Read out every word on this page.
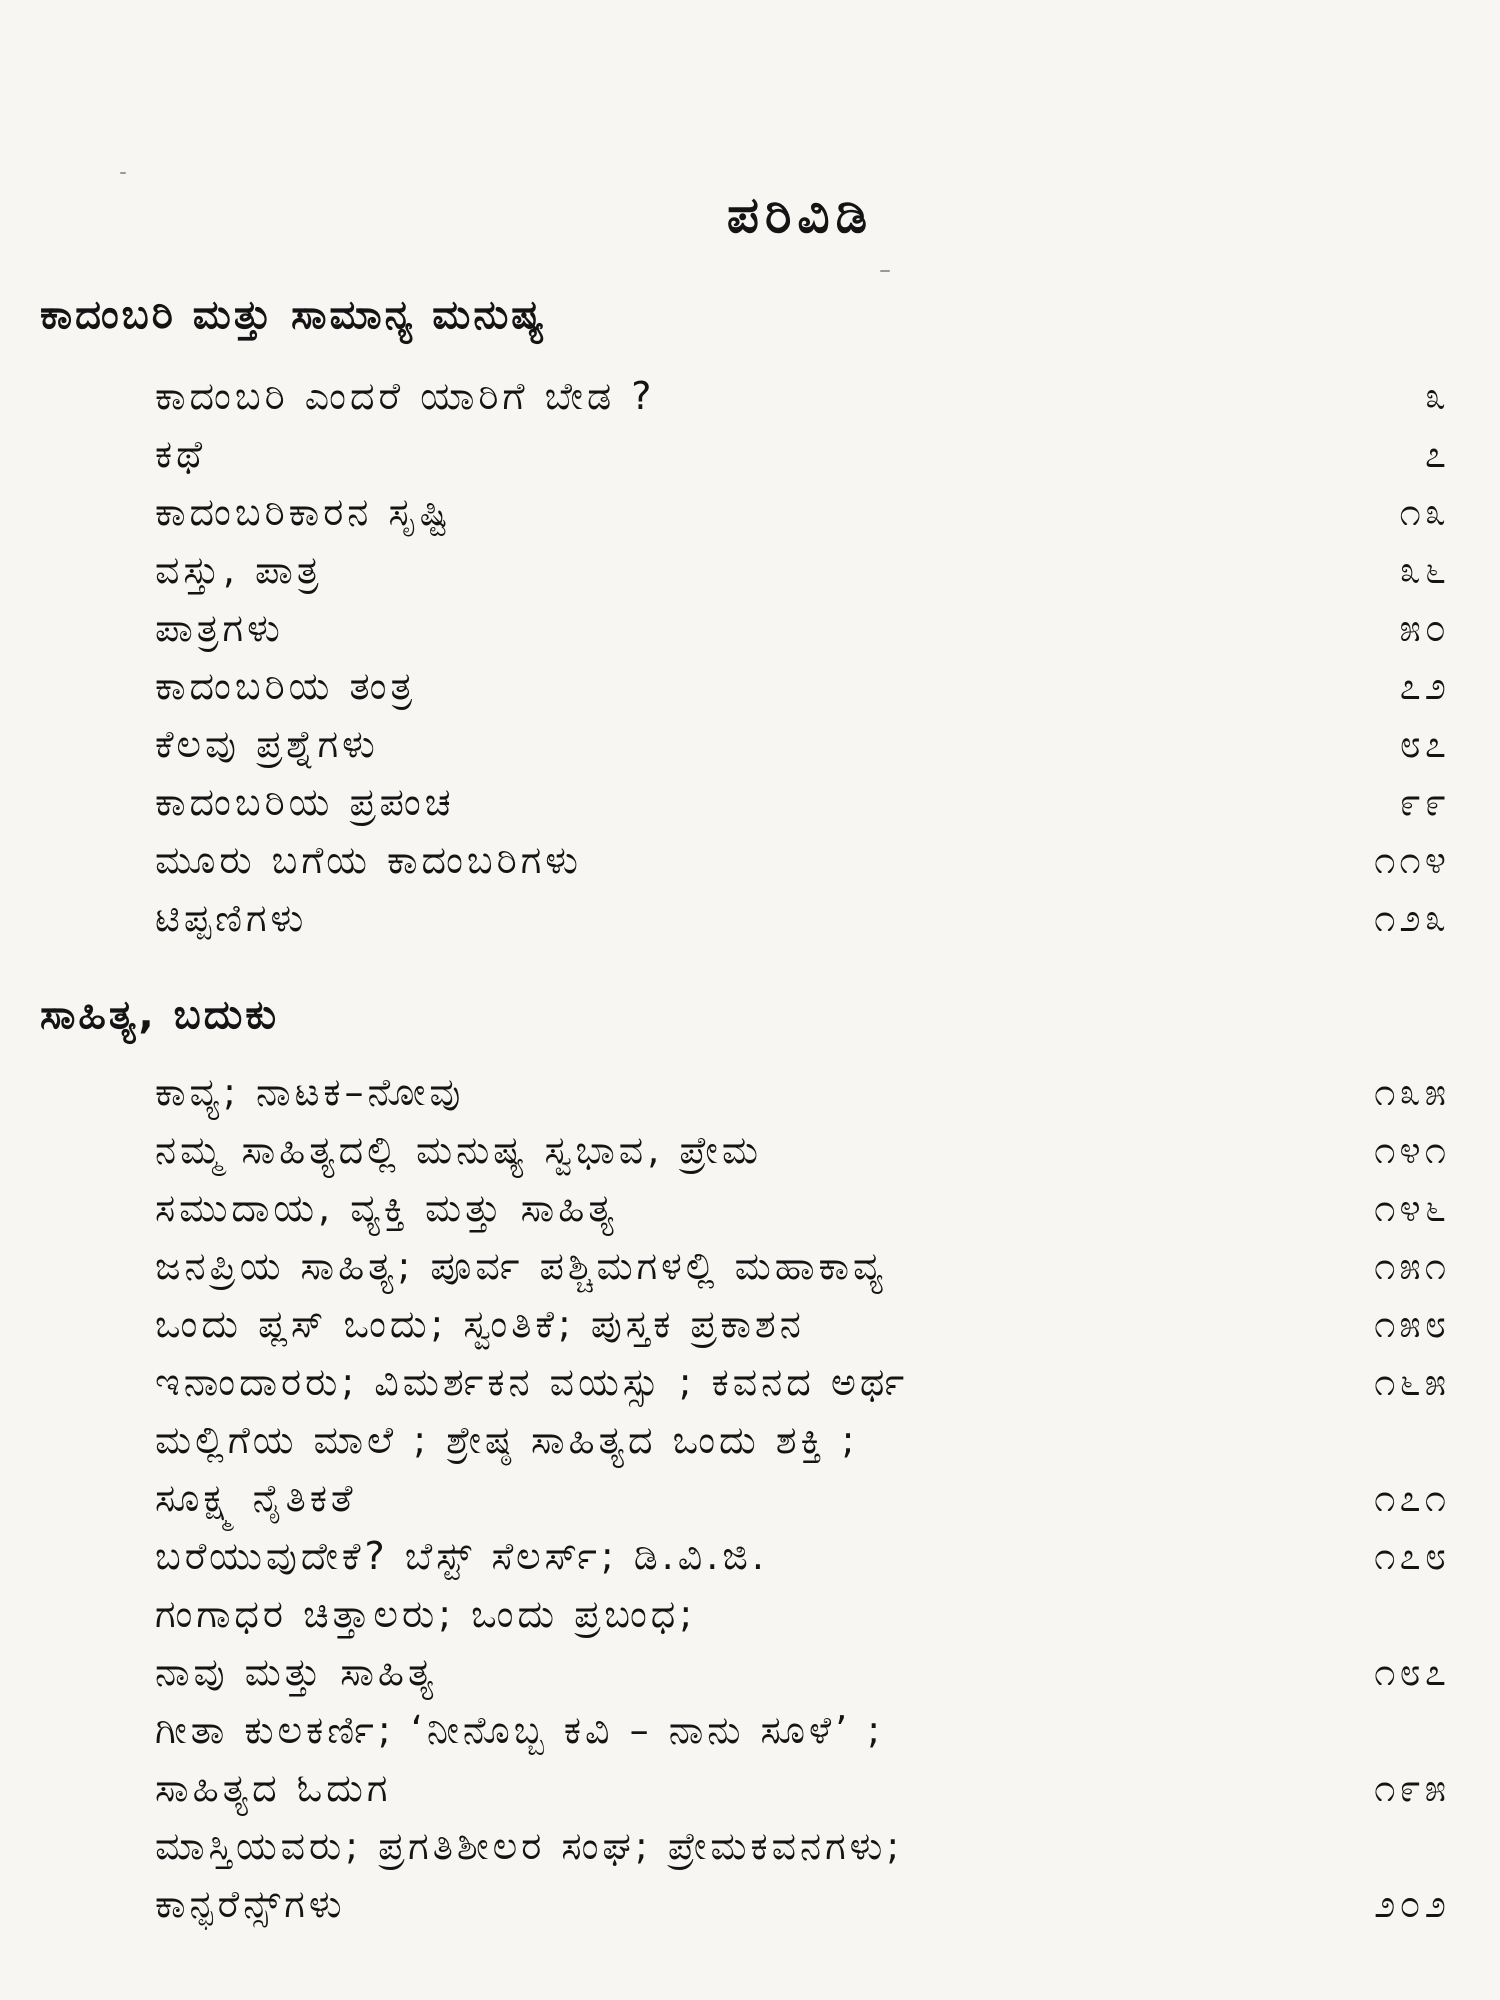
ಪರಿವಿಡಿ
ಕಾದಂಬರಿ ಮತ್ತು ಸಾಮಾನ್ಯ ಮನುಷ್ಯ
ಕಾದಂಬರಿ ಎಂದರೆ ಯಾರಿಗೆ ಬೇಡ ?	೩
ಕಥೆ	೭
ಕಾದಂಬರಿಕಾರನ ಸೃಷ್ಟಿ	೧೩
ವಸ್ತು, ಪಾತ್ರ	೩೬
ಪಾತ್ರಗಳು	೫೦
ಕಾದಂಬರಿಯ ತಂತ್ರ	೭೨
ಕೆಲವು ಪ್ರಶ್ನೆಗಳು	೮೭
ಕಾದಂಬರಿಯ ಪ್ರಪಂಚ	೯೯
ಮೂರು ಬಗೆಯ ಕಾದಂಬರಿಗಳು	೧೧೪
ಟಿಪ್ಪಣಿಗಳು	೧೨೩
ಸಾಹಿತ್ಯ, ಬದುಕು
ಕಾವ್ಯ; ನಾಟಕ–ನೋವು	೧೩೫
ನಮ್ಮ ಸಾಹಿತ್ಯದಲ್ಲಿ ಮನುಷ್ಯ ಸ್ವಭಾವ, ಪ್ರೇಮ	೧೪೧
ಸಮುದಾಯ, ವ್ಯಕ್ತಿ ಮತ್ತು ಸಾಹಿತ್ಯ	೧೪೬
ಜನಪ್ರಿಯ ಸಾಹಿತ್ಯ; ಪೂರ್ವ ಪಶ್ಚಿಮಗಳಲ್ಲಿ ಮಹಾಕಾವ್ಯ	೧೫೧
ಒಂದು ಪ್ಲಸ್ ಒಂದು; ಸ್ವಂತಿಕೆ; ಪುಸ್ತಕ ಪ್ರಕಾಶನ	೧೫೮
ಇನಾಂದಾರರು; ವಿಮರ್ಶಕನ ವಯಸ್ಸು ; ಕವನದ ಅರ್ಥ	೧೬೫
ಮಲ್ಲಿಗೆಯ ಮಾಲೆ ; ಶ್ರೇಷ್ಠ ಸಾಹಿತ್ಯದ ಒಂದು ಶಕ್ತಿ ;
ಸೂಕ್ಷ್ಮ ನೈತಿಕತೆ	೧೭೧
ಬರೆಯುವುದೇಕೆ? ಬೆಸ್ಟ್ ಸೆಲರ್ಸ್; ಡಿ.ವಿ.ಜಿ.	೧೭೮
ಗಂಗಾಧರ ಚಿತ್ತಾಲರು; ಒಂದು ಪ್ರಬಂಧ;
ನಾವು ಮತ್ತು ಸಾಹಿತ್ಯ	೧೮೭
ಗೀತಾ ಕುಲಕರ್ಣಿ; ‘ನೀನೊಬ್ಬ ಕವಿ – ನಾನು ಸೂಳೆ’ ;
ಸಾಹಿತ್ಯದ ಓದುಗ	೧೯೫
ಮಾಸ್ತಿಯವರು; ಪ್ರಗತಿಶೀಲರ ಸಂಘ; ಪ್ರೇಮಕವನಗಳು;
ಕಾನ್ಫರೆನ್ಸ್‌ಗಳು	೨೦೨
